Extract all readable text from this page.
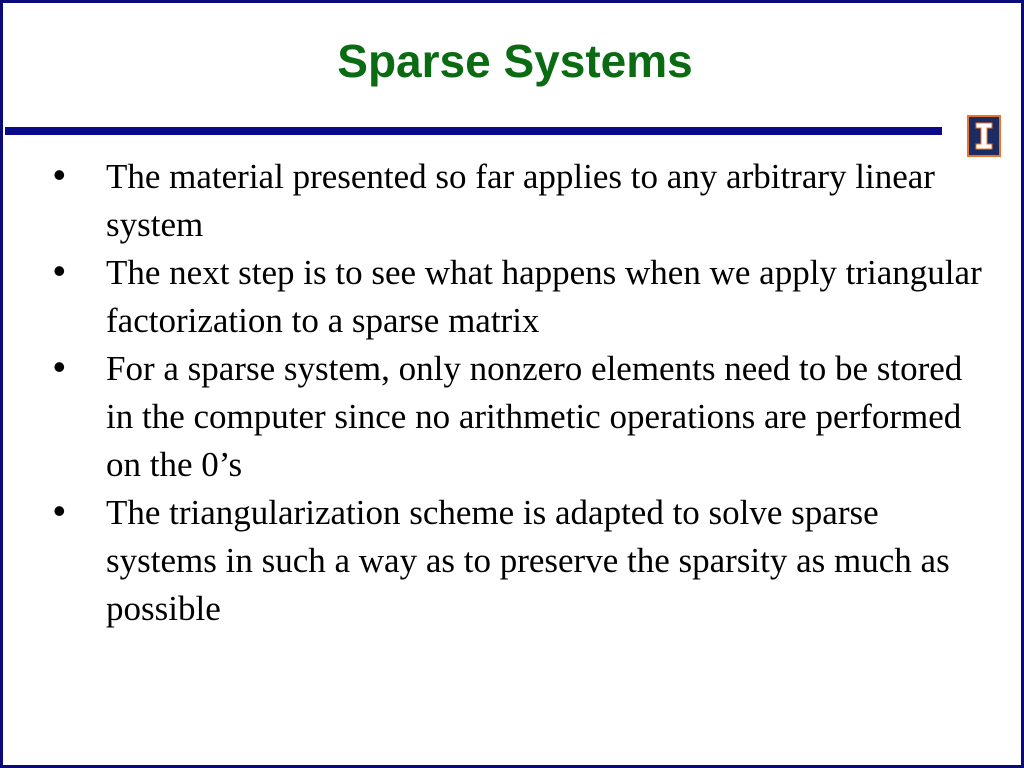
Sparse Systems
•	The material presented so far applies to any arbitrary linear system
•	The next step is to see what happens when we apply triangular factorization to a sparse matrix
•	For a sparse system, only nonzero elements need to be stored in the computer since no arithmetic operations are performed on the 0’s
•	The triangularization scheme is adapted to solve sparse systems in such a way as to preserve the sparsity as much as possible
